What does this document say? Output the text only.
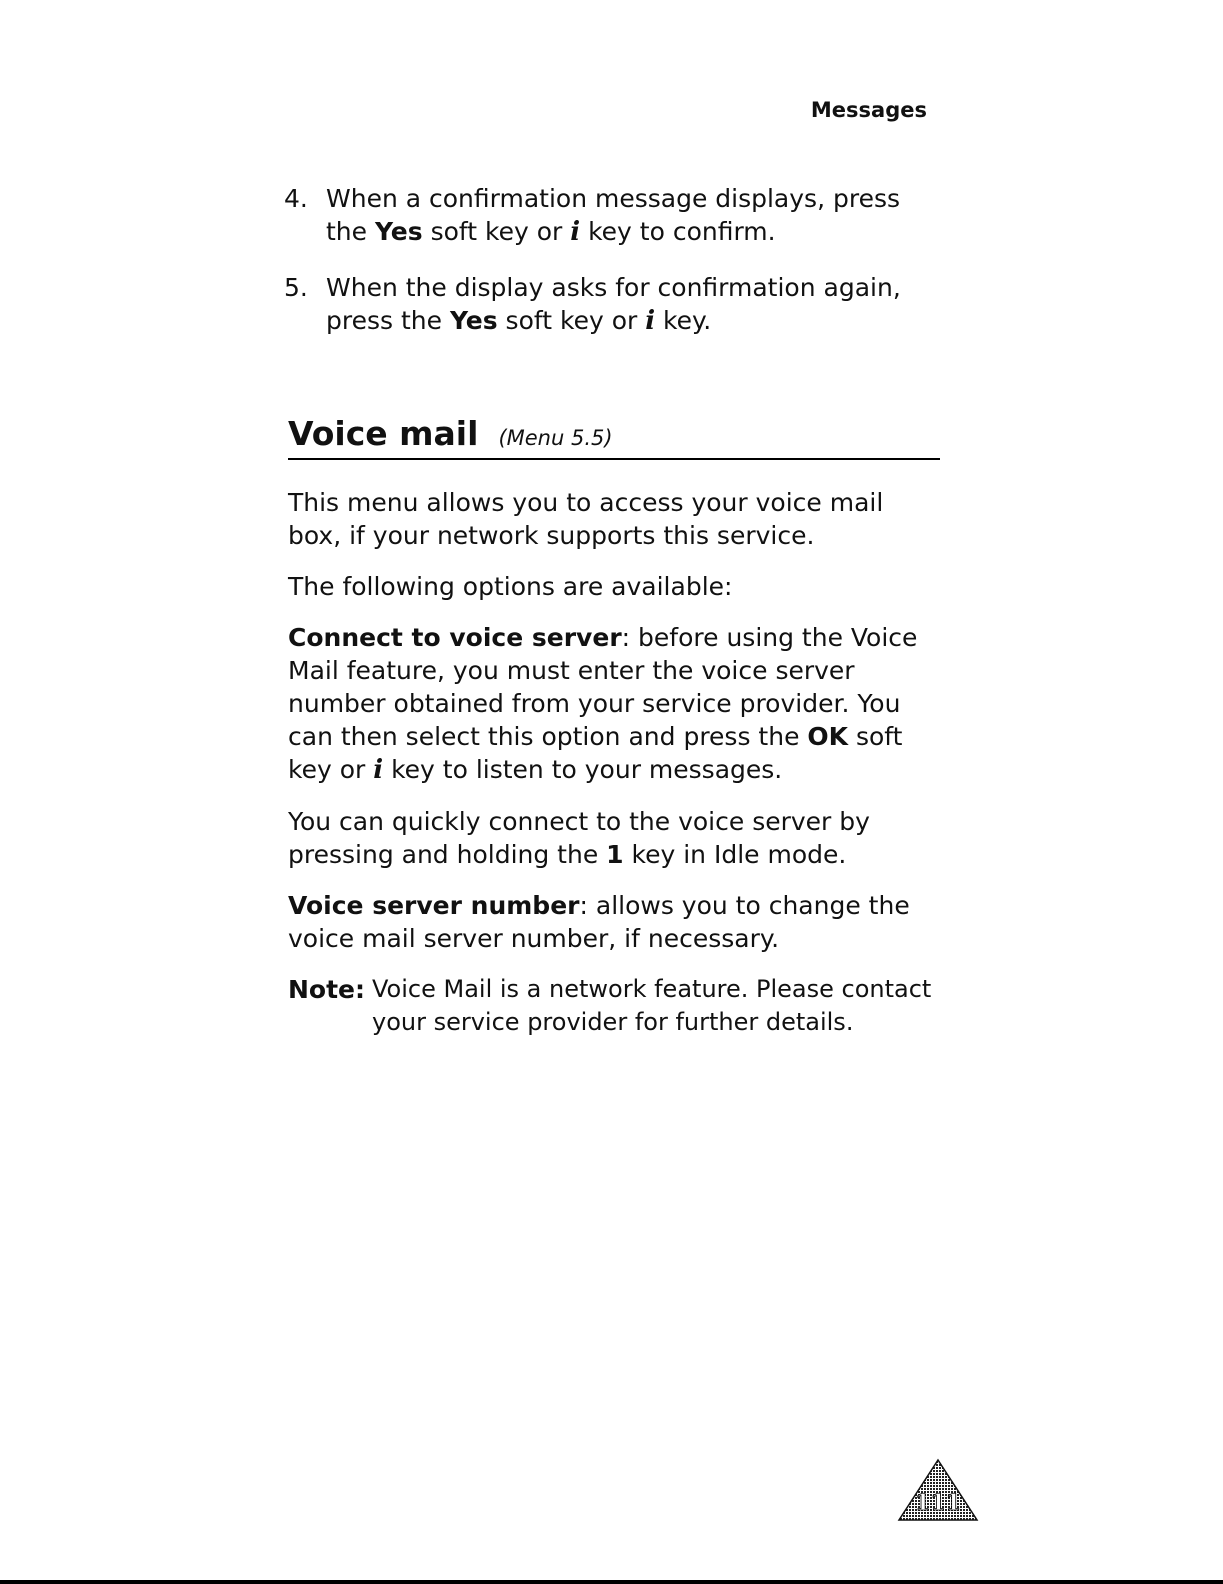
Messages
4. When a confirmation message displays, press the Yes soft key or i key to confirm.
5. When the display asks for confirmation again, press the Yes soft key or i key.
Voice mail (Menu 5.5)

This menu allows you to access your voice mail box, if your network supports this service.

The following options are available:

Connect to voice server: before using the Voice Mail feature, you must enter the voice server number obtained from your service provider. You can then select this option and press the OK soft key or i key to listen to your messages.

You can quickly connect to the voice server by pressing and holding the 1 key in Idle mode.

Voice server number: allows you to change the voice mail server number, if necessary.

Note: Voice Mail is a network feature. Please contact your service provider for further details.
111
